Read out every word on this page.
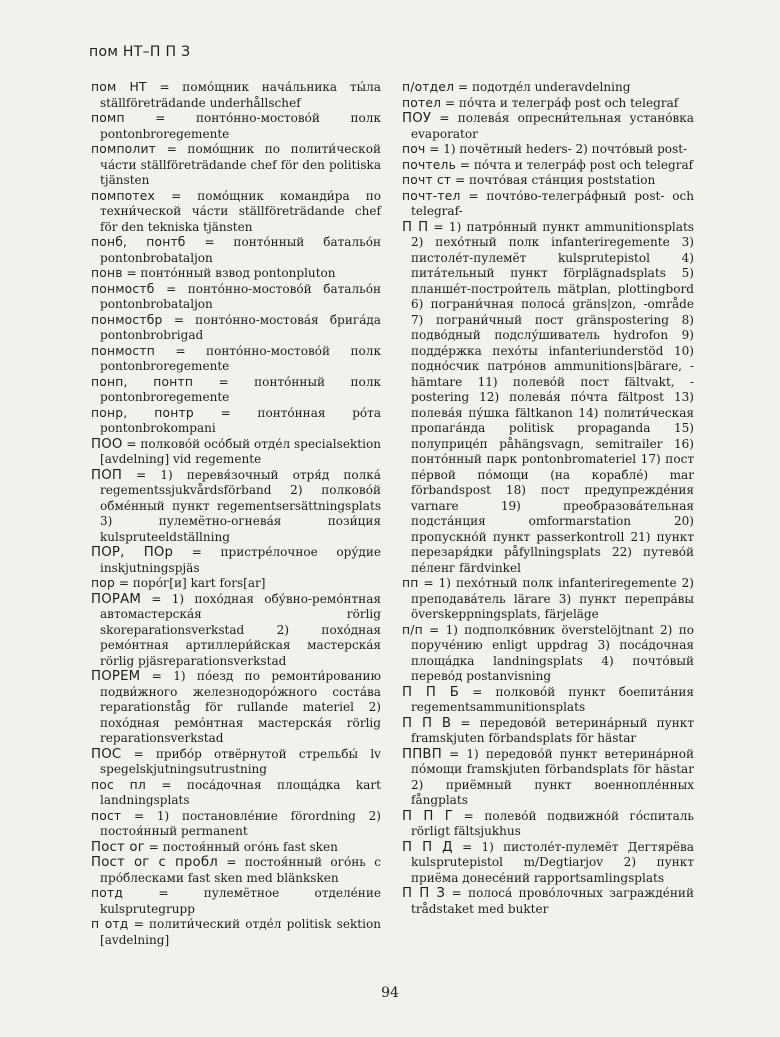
пом НТ–П П З

пом НТ = помо́щник нача́льника ты́ла ställföreträdande underhållschef

помп	= понто́нно-мостово́й полк pontonbroregemente

помполит = помо́щник по полити́ческой ча́сти ställföreträdande chef för den politiska tjänsten

помпотех = помо́щник команди́ра по техни́ческой ча́сти ställföreträdande chef för den tekniska tjänsten

понб, понтб = понто́нный батальо́н pontonbrobataljon

понв = понто́нный взвод pontonpluton

понмостб = понто́нно-мостово́й батальо́н pontonbrobataljon

понмостбр = понто́нно-мостова́я брига́да pontonbrobrigad

понмостп = понто́нно-мостово́й полк pontonbroregemente

понп, понтп = понто́нный полк pontonbroregemente

понр, понтр = понто́нная ро́та pontonbrokompani

ПОО = полково́й осо́бый отде́л specialsektion [avdelning] vid regemente

ПОП = 1) перевя́зочный отря́д полка́ regementssjukvårdsförband 2) полково́й обме́нный пункт regementsersättningsplats 3) пулемётно-огнева́я пози́ция kulspruteeldställning

ПОР, ПОр = пристре́лочное ору́дие inskjutningspjäs

пор = поро́г[и] kart fors[ar]

ПОРАМ = 1) похо́дная обу́вно-ремо́нтная автомастерска́я rörlig skoreparationsverkstad 2) похо́дная ремо́нтная артиллери́йская мастерска́я rörlig pjäsreparationsverkstad

ПОРЕМ = 1) по́езд по ремонти́рованию подви́жного железнодоро́жного соста́ва reparationståg för rullande materiel 2) похо́дная ремо́нтная мастерска́я rörlig reparationsverkstad

ПОС = прибо́р отвёрнутой стрельбы́ lv spegelskjutningsutrustning

пос пл = поса́дочная площа́дка kart landningsplats

пост = 1) постановле́ние förordning 2) постоя́нный permanent

Пост ог = постоя́нный ого́нь fast sken

Пост ог с пробл = постоя́нный ого́нь с про́блесками fast sken med blänksken

потд	= пулемётное отделе́ние kulsprutegrupp

п отд = полити́ческий отде́л politisk sektion [avdelning]

п/отдел = подотде́л underavdelning

потел = по́чта и телегра́ф post och telegraf

ПОУ = полева́я опресни́тельная устано́вка evaporator

поч = 1) почётный heders- 2) почто́вый post-

почтель = по́чта и телегра́ф post och telegraf

почт ст = почто́вая ста́нция poststation

почт-тел = почто́во-телегра́фный post- och telegraf-

П П = 1) патро́нный пункт ammunitionsplats 2) пехо́тный полк infanteriregemente 3) пистоле́т-пулемёт kulsprutepistol 4) пита́тельный пункт förplägnadsplats 5) планше́т-построи́тель mätplan, plottingbord 6) пограни́чная полоса́ gräns|zon, -område 7) пограни́чный пост gränspostering 8) подво́дный подслу́шиватель hydrofon 9) подде́ржка пехо́ты infanteriunderstöd 10) подно́счик патро́нов ammunitions|bärare, -hämtare 11) полево́й пост fältvakt, -postering 12) полева́я по́чта fältpost 13) полева́я пу́шка fältkanon 14) полити́ческая пропага́нда politisk propaganda 15) полуприце́п påhängsvagn, semitrailer 16) понто́нный парк pontonbromateriel 17) пост пе́рвой по́мощи (на корабле́) mar förbandspost 18) пост предупрежде́ния varnare 19) преобразова́тельная подста́нция omformarstation 20) пропускно́й пункт passerkontroll 21) пункт перезаря́дки påfyllningsplats 22) путево́й пе́ленг färdvinkel

пп = 1) пехо́тный полк infanteriregemente 2) преподава́тель lärare 3) пункт перепра́вы överskeppningsplats, färjeläge

п/п = 1) подполко́вник överstelöjtnant 2) по поруче́нию enligt uppdrag 3) поса́дочная площа́дка landningsplats 4) почто́вый перево́д postanvisning

П П Б = полково́й пункт боепита́ния regementsammunitionsplats

П П В = передово́й ветерина́рный пункт framskjuten förbandsplats för hästar

ППВП = 1) передово́й пункт ветерина́рной по́мощи framskjuten förbandsplats för hästar 2) приёмный пункт военнопле́нных fångplats

П П Г = полево́й подвижно́й го́спиталь rörligt fältsjukhus

П П Д = 1) пистоле́т-пулемёт Дегтярёва kulsprutepistol m/Degtiarjov 2) пункт приёма донесе́ний rapportsamlingsplats

П П З = полоса́ прово́лочных загражде́ний trådstaket med bukter

94
